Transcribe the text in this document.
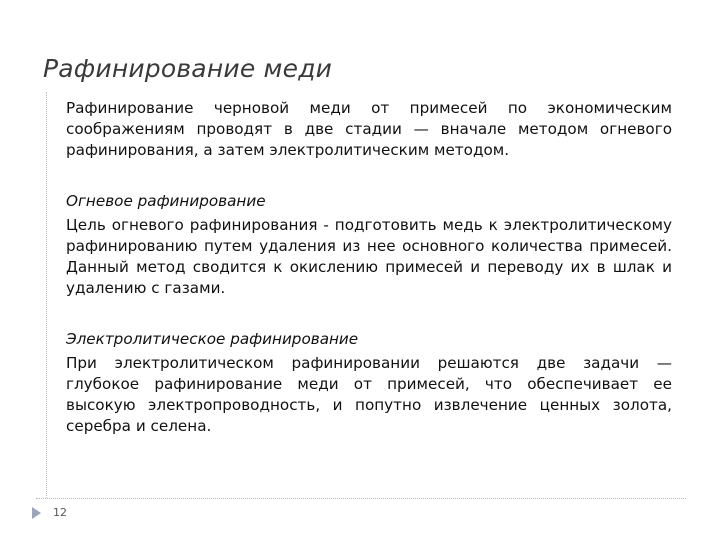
Рафинирование меди

Рафинирование черновой меди от примесей по экономическим соображениям проводят в две стадии — вначале методом огневого рафинирования, а затем электролитическим методом.

Огневое рафинирование

Цель огневого рафинирования - подготовить медь к электролитическому рафинированию путем удаления из нее основного количества примесей. Данный метод сводится к окислению примесей и переводу их в шлак и удалению с газами.

Электролитическое рафинирование

При электролитическом рафинировании решаются две задачи — глубокое рафинирование меди от примесей, что обеспечивает ее высокую электропроводность, и попутно извлечение ценных золота, серебра и селена.

12
